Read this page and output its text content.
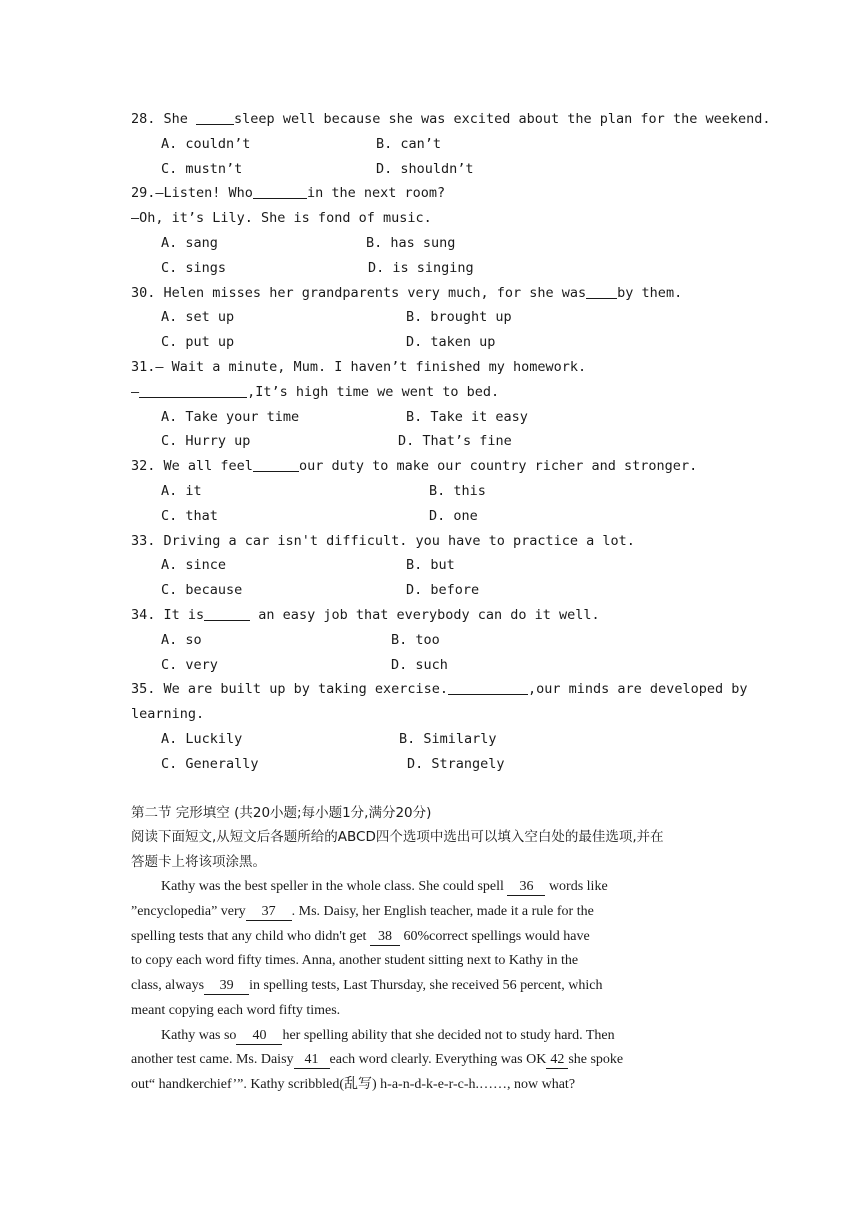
28. She	sleep well because she was excited about the plan for the weekend.
A. couldn’t	B. can’t
C. mustn’t	D. shouldn’t
29.—Listen! Who	in the next room?
—Oh, it’s Lily. She is fond of music.
A. sang	B. has sung
C. sings	D. is singing
30. Helen misses her grandparents very much, for she was by them.
A. set up	B. brought up
C. put up	D. taken up
31.— Wait a minute, Mum. I haven’t finished my homework.
—	,It’s high time we went to bed.
A. Take your time	B. Take it easy
C. Hurry up	D. That’s fine
32. We all feel	our duty to make our country richer and stronger.
A. it	B. this
C. that	D. one
33. Driving a car isn't difficult. you have to practice a lot.
A. since	B. but
C. because	D. before
34. It is	an easy job that everybody can do it well.
A. so	B. too
C. very	D. such
35. We are built up by taking exercise.	,our minds are developed by
learning.
A. Luckily	B. Similarly
C. Generally	D. Strangely
第二节 完形填空 (共20小题;每小题1分,满分20分)
阅读下面短文,从短文后各题所给的ABCD四个选项中选出可以填入空白处的最佳选项,并在
答题卡上将该项涂黑。
Kathy was the best speller in the whole class. She could spell 36 words like
”encyclopedia” very 37 . Ms. Daisy, her English teacher, made it a rule for the
spelling tests that any child who didn't get 38 60%correct spellings would have
to copy each word fifty times. Anna, another student sitting next to Kathy in the
class, always 39 in spelling tests, Last Thursday, she received 56 percent, which
meant copying each word fifty times.
Kathy was so 40 her spelling ability that she decided not to study hard. Then
another test came. Ms. Daisy 41 each word clearly. Everything was OK 42 she spoke
out“ handkerchief’”. Kathy scribbled(乱写) h-a-n-d-k-e-r-c-h.……, now what?
